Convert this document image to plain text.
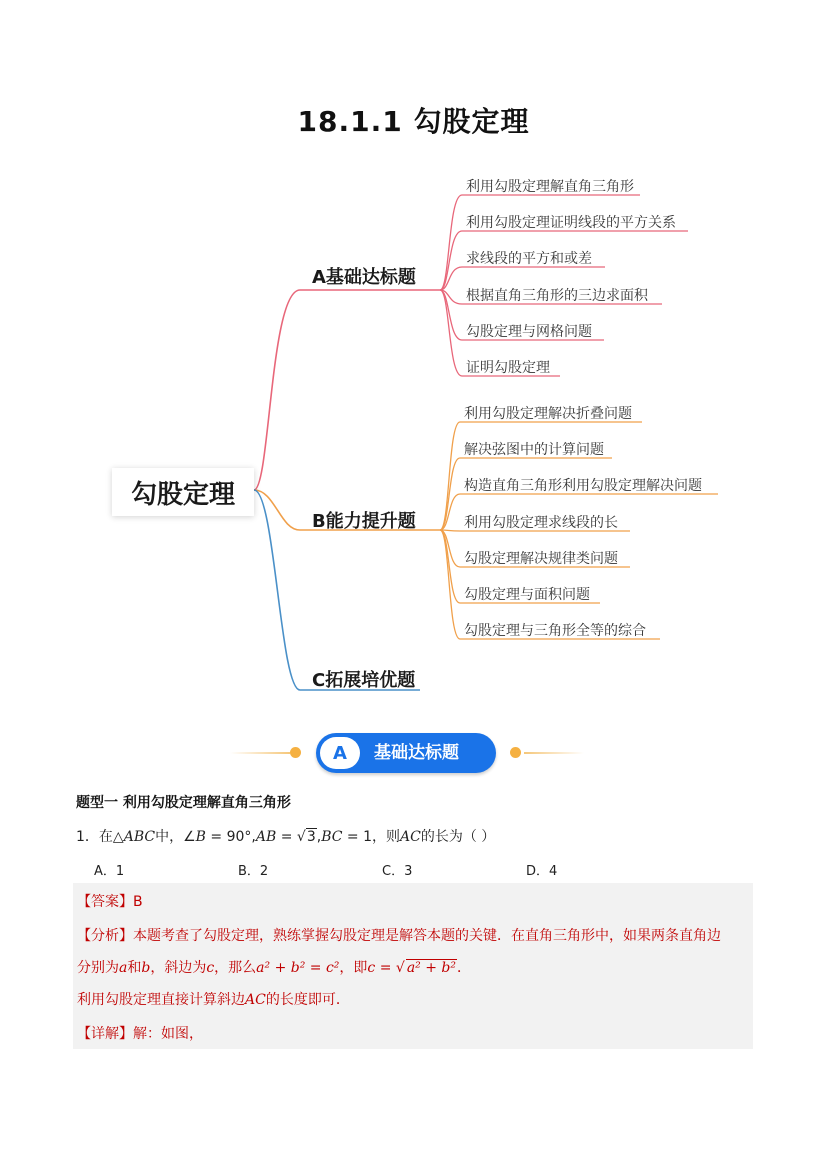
18.1.1 勾股定理
勾股定理
A基础达标题
B能力提升题
C拓展培优题
利用勾股定理解直角三角形
利用勾股定理证明线段的平方关系
求线段的平方和或差
根据直角三角形的三边求面积
勾股定理与网格问题
证明勾股定理
利用勾股定理解决折叠问题
解决弦图中的计算问题
构造直角三角形利用勾股定理解决问题
利用勾股定理求线段的长
勾股定理解决规律类问题
勾股定理与面积问题
勾股定理与三角形全等的综合
A	基础达标题
题型一 利用勾股定理解直角三角形
1．在△ABC中，∠B = 90°,AB = √3,BC = 1，则AC的长为（ ）
A．1	B．2	C．3	D．4
【答案】B
【分析】本题考查了勾股定理，熟练掌握勾股定理是解答本题的关键．在直角三角形中，如果两条直角边
分别为a和b，斜边为c，那么a² + b² = c²，即c = √ a² + b²．
利用勾股定理直接计算斜边AC的长度即可．
【详解】解：如图，
